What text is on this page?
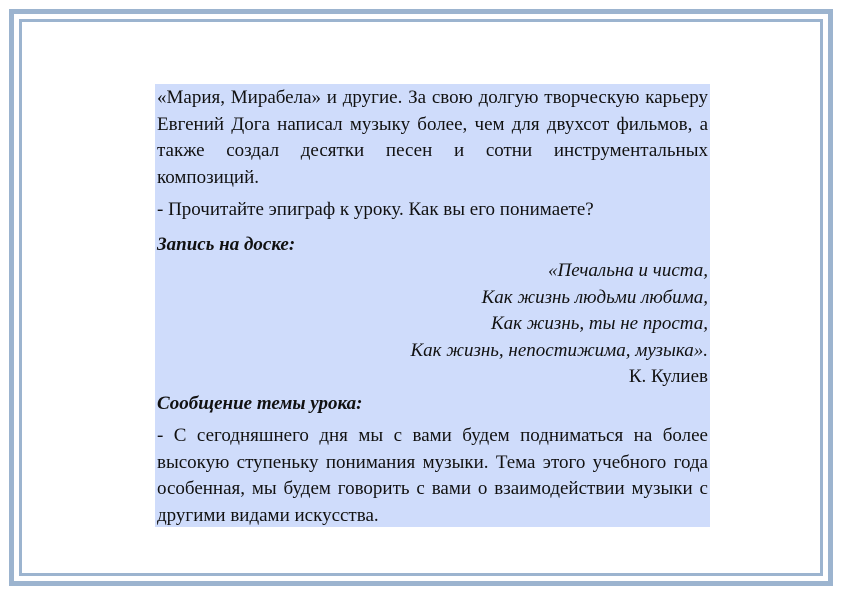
«Мария, Мирабела» и другие. За свою долгую творческую карьеру Евгений Дога написал музыку более, чем для двухсот фильмов, а также создал десятки песен и сотни инструментальных композиций.

- Прочитайте эпиграф к уроку. Как вы его понимаете?

Запись на доске:

«Печальна и чиста,

Как жизнь людьми любима,

Как жизнь, ты не проста,

Как жизнь, непостижима, музыка».

К. Кулиев

Сообщение темы урока:

- С сегодняшнего дня мы с вами будем подниматься на более высокую ступеньку понимания музыки. Тема этого учебного года особенная, мы будем говорить с вами о взаимодействии музыки с другими видами искусства.
